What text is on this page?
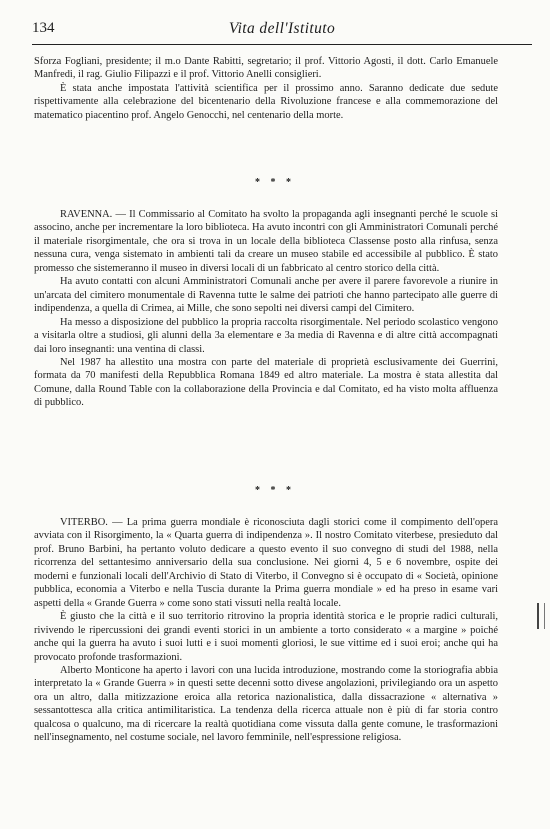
134	Vita dell'Istituto

Sforza Fogliani, presidente; il m.o Dante Rabitti, segretario; il prof. Vittorio Agosti, il dott. Carlo Emanuele Manfredi, il rag. Giulio Filipazzi e il prof. Vittorio Anelli consiglieri.

È stata anche impostata l'attività scientifica per il prossimo anno. Saranno dedicate due sedute rispettivamente alla celebrazione del bicentenario della Rivoluzione francese e alla commemorazione del matematico piacentino prof. Angelo Genocchi, nel centenario della morte.

* * *

RAVENNA. — Il Commissario al Comitato ha svolto la propaganda agli insegnanti perché le scuole si associno, anche per incrementare la loro biblioteca. Ha avuto incontri con gli Amministratori Comunali perché il materiale risorgimentale, che ora si trova in un locale della biblioteca Classense posto alla rinfusa, senza nessuna cura, venga sistemato in ambienti tali da creare un museo stabile ed accessibile al pubblico. È stato promesso che sistemeranno il museo in diversi locali di un fabbricato al centro storico della città.

Ha avuto contatti con alcuni Amministratori Comunali anche per avere il parere favorevole a riunire in un'arcata del cimitero monumentale di Ravenna tutte le salme dei patrioti che hanno partecipato alle guerre di indipendenza, a quella di Crimea, ai Mille, che sono sepolti nei diversi campi del Cimitero.

Ha messo a disposizione del pubblico la propria raccolta risorgimentale. Nel periodo scolastico vengono a visitarla oltre a studiosi, gli alunni della 3a elementare e 3a media di Ravenna e di altre città accompagnati dai loro insegnanti: una ventina di classi.

Nel 1987 ha allestito una mostra con parte del materiale di proprietà esclusivamente dei Guerrini, formata da 70 manifesti della Repubblica Romana 1849 ed altro materiale. La mostra è stata allestita dal Comune, dalla Round Table con la collaborazione della Provincia e dal Comitato, ed ha visto molta affluenza di pubblico.

* * *

VITERBO. — La prima guerra mondiale è riconosciuta dagli storici come il compimento dell'opera avviata con il Risorgimento, la « Quarta guerra di indipendenza ». Il nostro Comitato viterbese, presieduto dal prof. Bruno Barbini, ha pertanto voluto dedicare a questo evento il suo convegno di studi del 1988, nella ricorrenza del settantesimo anniversario della sua conclusione. Nei giorni 4, 5 e 6 novembre, ospite dei moderni e funzionali locali dell'Archivio di Stato di Viterbo, il Convegno si è occupato di « Società, opinione pubblica, economia a Viterbo e nella Tuscia durante la Prima guerra mondiale » ed ha preso in esame vari aspetti della « Grande Guerra » come sono stati vissuti nella realtà locale.

È giusto che la città e il suo territorio ritrovino la propria identità storica e le proprie radici culturali, rivivendo le ripercussioni dei grandi eventi storici in un ambiente a torto considerato « a margine » poiché anche qui la guerra ha avuto i suoi lutti e i suoi momenti gloriosi, le sue vittime ed i suoi eroi; anche qui ha provocato profonde trasformazioni.

Alberto Monticone ha aperto i lavori con una lucida introduzione, mostrando come la storiografia abbia interpretato la « Grande Guerra » in questi sette decenni sotto divese angolazioni, privilegiando ora un aspetto ora un altro, dalla mitizzazione eroica alla retorica nazionalistica, dalla dissacrazione « alternativa » sessantottesca alla critica antimilitaristica. La tendenza della ricerca attuale non è più di far storia contro qualcosa o qualcuno, ma di ricercare la realtà quotidiana come vissuta dalla gente comune, le trasformazioni nell'insegnamento, nel costume sociale, nel lavoro femminile, nell'espressione religiosa.
